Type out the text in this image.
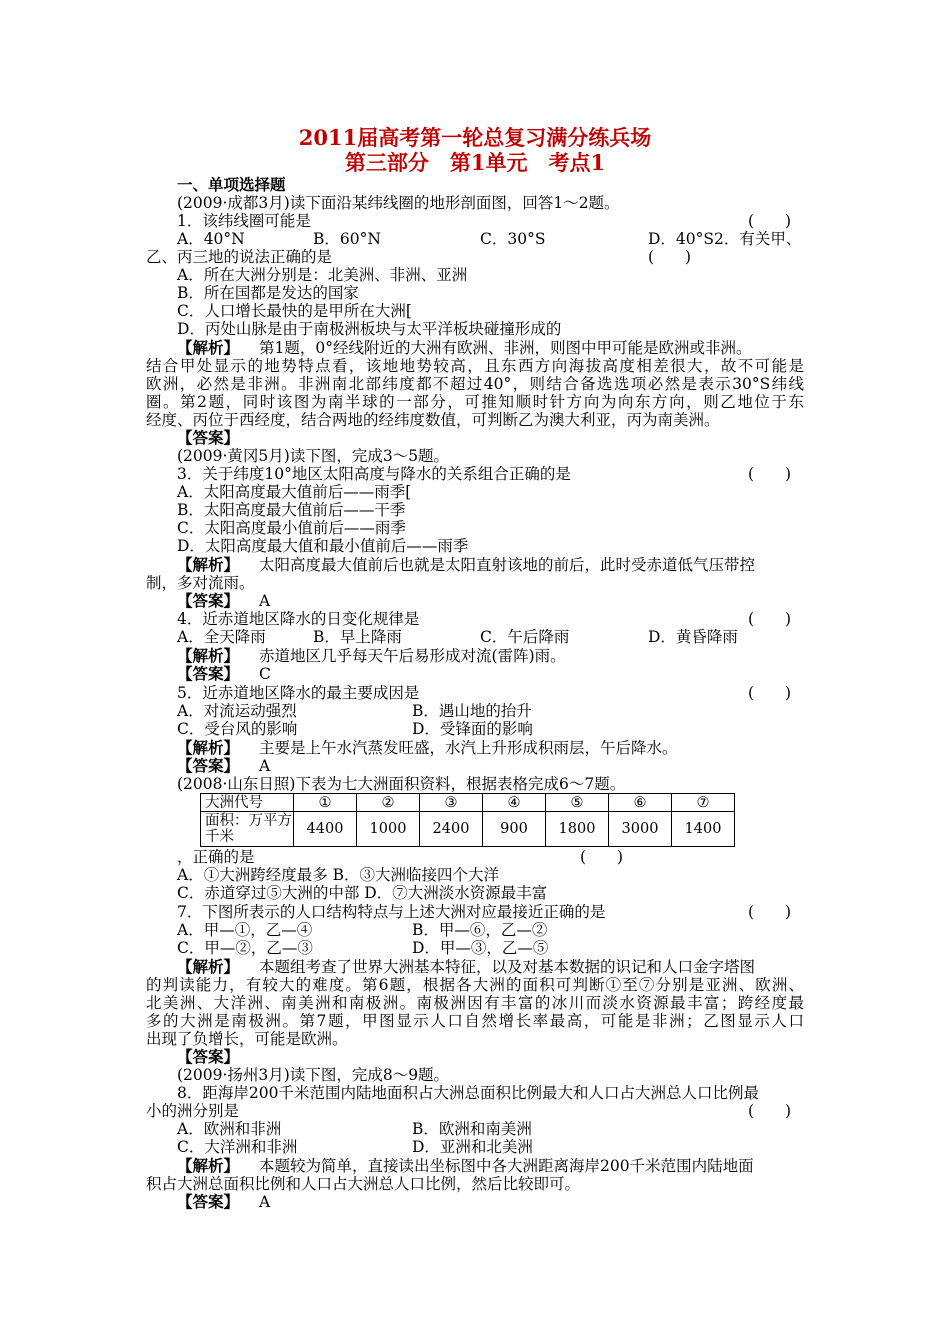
2011届高考第一轮总复习满分练兵场
第三部分　第1单元　考点1
一、单项选择题
(2009·成都3月)读下面沿某纬线圈的地形剖面图，回答1～2题。
1．该纬线圈可能是	(　　)
A．40°N	B．60°N	C．30°S	D．40°S2．有关甲、
乙、丙三地的说法正确的是	(　　)
A．所在大洲分别是：北美洲、非洲、亚洲
B．所在国都是发达的国家
C．人口增长最快的是甲所在大洲[
D．丙处山脉是由于南极洲板块与太平洋板块碰撞形成的
【解析】 第1题，0°经线附近的大洲有欧洲、非洲，则图中甲可能是欧洲或非洲。
结合甲处显示的地势特点看，该地地势较高，且东西方向海拔高度相差很大，故不可能是
欧洲，必然是非洲。非洲南北部纬度都不超过40°，则结合备选选项必然是表示30°S纬线
圈。第2题，同时该图为南半球的一部分，可推知顺时针方向为向东方向，则乙地位于东
经度、丙位于西经度，结合两地的经纬度数值，可判断乙为澳大利亚，丙为南美洲。
【答案】
(2009·黄冈5月)读下图，完成3～5题。
3．关于纬度10°地区太阳高度与降水的关系组合正确的是	(　　)
A．太阳高度最大值前后——雨季[
B．太阳高度最大值前后——干季
C．太阳高度最小值前后——雨季
D．太阳高度最大值和最小值前后——雨季
【解析】 太阳高度最大值前后也就是太阳直射该地的前后，此时受赤道低气压带控
制，多对流雨。
【答案】 A
4．近赤道地区降水的日变化规律是	(　　)
A．全天降雨	B．早上降雨	C．午后降雨	D．黄昏降雨
【解析】 赤道地区几乎每天午后易形成对流(雷阵)雨。
【答案】 C
5．近赤道地区降水的最主要成因是	(　　)
A．对流运动强烈	B．遇山地的抬升
C．受台风的影响	D．受锋面的影响
【解析】 主要是上午水汽蒸发旺盛，水汽上升形成积雨层，午后降水。
【答案】 A
(2008·山东日照)下表为七大洲面积资料，根据表格完成6～7题。
大洲代号	①	②	③	④	⑤	⑥	⑦
面积：万平方千米	4400	1000	2400	900	1800	3000	1400
，正确的是	(　　)
A．①大洲跨经度最多 B．③大洲临接四个大洋
C．赤道穿过⑤大洲的中部 D．⑦大洲淡水资源最丰富
7．下图所表示的人口结构特点与上述大洲对应最接近正确的是	(　　)
A．甲—①，乙—④	B．甲—⑥，乙—②
C．甲—②，乙—③	D．甲—③，乙—⑤
【解析】 本题组考查了世界大洲基本特征，以及对基本数据的识记和人口金字塔图
的判读能力，有较大的难度。第6题，根据各大洲的面积可判断①至⑦分别是亚洲、欧洲、
北美洲、大洋洲、南美洲和南极洲。南极洲因有丰富的冰川而淡水资源最丰富；跨经度最
多的大洲是南极洲。第7题，甲图显示人口自然增长率最高，可能是非洲；乙图显示人口
出现了负增长，可能是欧洲。
【答案】
(2009·扬州3月)读下图，完成8～9题。
8．距海岸200千米范围内陆地面积占大洲总面积比例最大和人口占大洲总人口比例最
小的洲分别是	(　　)
A．欧洲和非洲	B．欧洲和南美洲
C．大洋洲和非洲	D．亚洲和北美洲
【解析】 本题较为简单，直接读出坐标图中各大洲距离海岸200千米范围内陆地面
积占大洲总面积比例和人口占大洲总人口比例，然后比较即可。
【答案】 A
